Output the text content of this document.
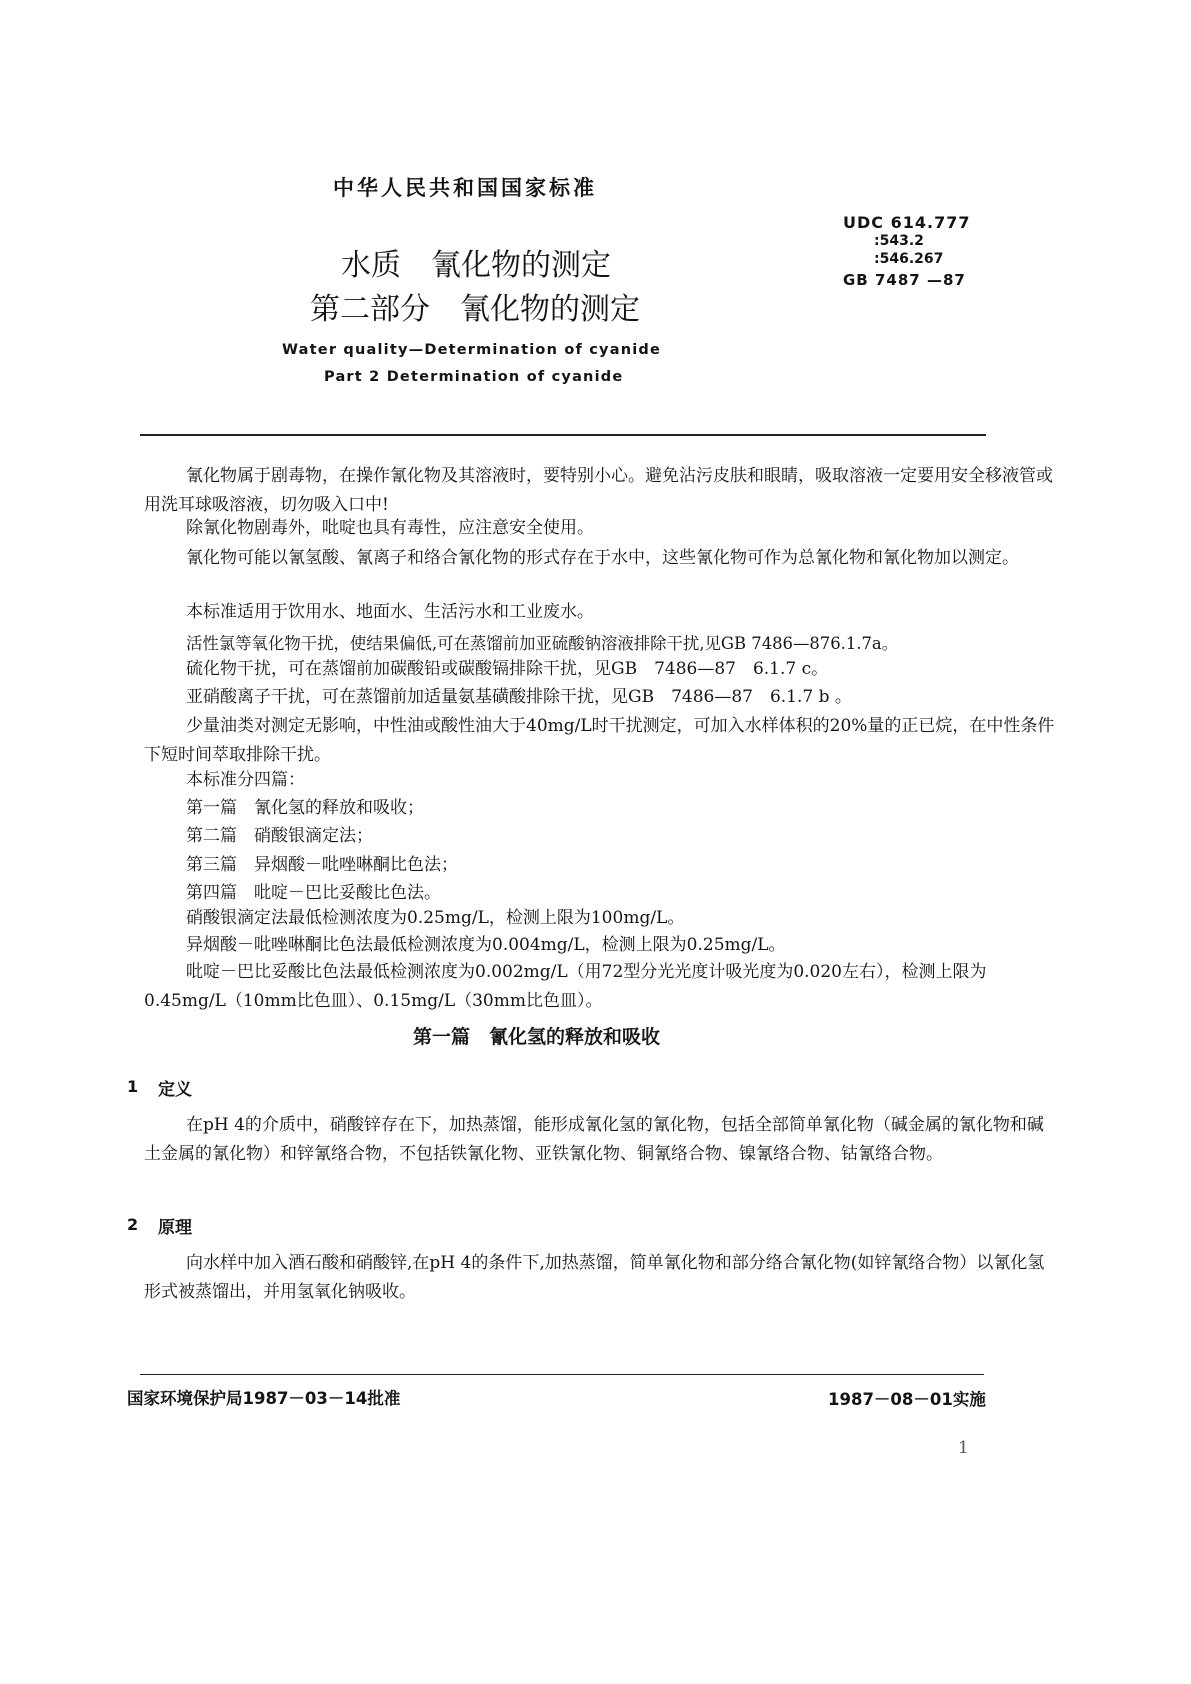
中华人民共和国国家标准
UDC 614.777
:543.2
:546.267
GB 7487 —87
水质　氰化物的测定
第二部分　氰化物的测定
Water quality—Determination of cyanide
Part 2 Determination of cyanide
氰化物属于剧毒物，在操作氰化物及其溶液时，要特别小心。避免沾污皮肤和眼睛，吸取溶液一定要用安全移液管或用洗耳球吸溶液，切勿吸入口中!
除氰化物剧毒外，吡啶也具有毒性，应注意安全使用。
氰化物可能以氰氢酸、氰离子和络合氰化物的形式存在于水中，这些氰化物可作为总氰化物和氰化物加以测定。
本标准适用于饮用水、地面水、生活污水和工业废水。
活性氯等氧化物干扰，使结果偏低,可在蒸馏前加亚硫酸钠溶液排除干扰,见GB 7486—876.1.7a。
硫化物干扰，可在蒸馏前加碳酸铅或碳酸镉排除干扰，见GB　7486—87　6.1.7 c。
亚硝酸离子干扰，可在蒸馏前加适量氨基磺酸排除干扰，见GB　7486—87　6.1.7 b 。
少量油类对测定无影响，中性油或酸性油大于40mg/L时干扰测定，可加入水样体积的20%量的正已烷，在中性条件下短时间萃取排除干扰。
本标准分四篇：
第一篇　氰化氢的释放和吸收；
第二篇　硝酸银滴定法；
第三篇　异烟酸－吡唑啉酮比色法；
第四篇　吡啶－巴比妥酸比色法。
硝酸银滴定法最低检测浓度为0.25mg/L，检测上限为100mg/L。
异烟酸－吡唑啉酮比色法最低检测浓度为0.004mg/L，检测上限为0.25mg/L。
吡啶－巴比妥酸比色法最低检测浓度为0.002mg/L（用72型分光光度计吸光度为0.020左右），检测上限为0.45mg/L（10mm比色皿）、0.15mg/L（30mm比色皿）。
第一篇　氰化氢的释放和吸收
1 定义
在pH 4的介质中，硝酸锌存在下，加热蒸馏，能形成氰化氢的氰化物，包括全部简单氰化物（碱金属的氰化物和碱土金属的氰化物）和锌氰络合物，不包括铁氰化物、亚铁氰化物、铜氰络合物、镍氰络合物、钴氰络合物。
2 原理
向水样中加入酒石酸和硝酸锌,在pH 4的条件下,加热蒸馏，简单氰化物和部分络合氰化物(如锌氰络合物）以氰化氢形式被蒸馏出，并用氢氧化钠吸收。
国家环境保护局1987－03－14批准	1987－08－01实施
1
